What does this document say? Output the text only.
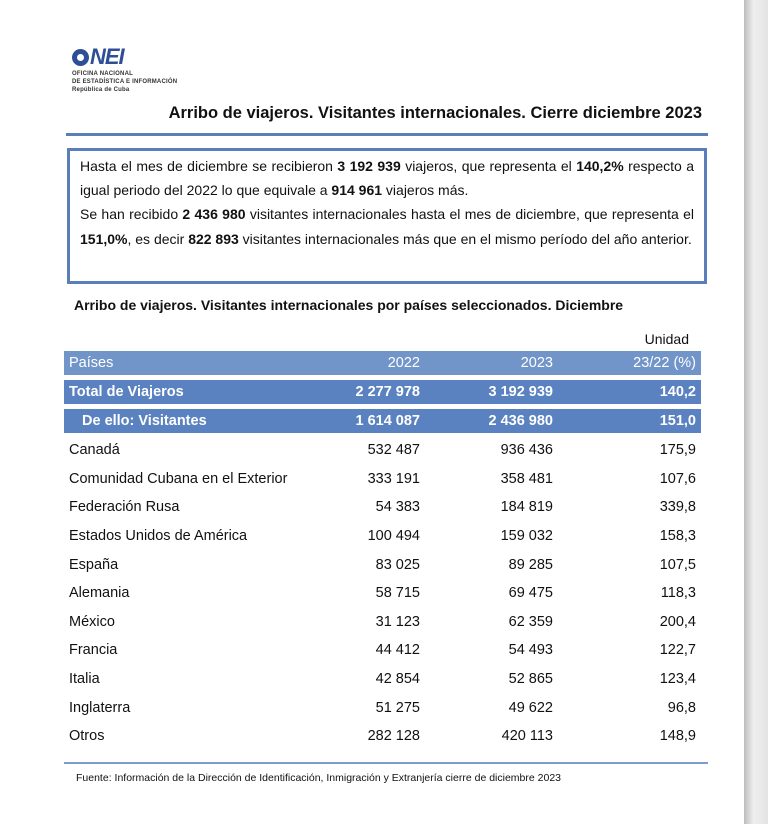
NEI
OFICINA NACIONAL
DE ESTADÍSTICA E INFORMACIÓN
República de Cuba
Arribo de viajeros. Visitantes internacionales. Cierre diciembre 2023

Hasta el mes de diciembre se recibieron 3 192 939 viajeros, que representa el 140,2% respecto a igual periodo del 2022 lo que equivale a 914 961 viajeros más.

Se han recibido 2 436 980 visitantes internacionales hasta el mes de diciembre, que representa el 151,0%, es decir 822 893 visitantes internacionales más que en el mismo período del año anterior.

Arribo de viajeros. Visitantes internacionales por países seleccionados. Diciembre
Unidad
Países	2022	2023	23/22 (%)
Total de Viajeros	2 277 978	3 192 939	140,2
De ello: Visitantes	1 614 087	2 436 980	151,0
Canadá	532 487	936 436	175,9
Comunidad Cubana en el Exterior	333 191	358 481	107,6
Federación Rusa	54 383	184 819	339,8
Estados Unidos de América	100 494	159 032	158,3
España	83 025	89 285	107,5
Alemania	58 715	69 475	118,3
México	31 123	62 359	200,4
Francia	44 412	54 493	122,7
Italia	42 854	52 865	123,4
Inglaterra	51 275	49 622	96,8
Otros	282 128	420 113	148,9
Fuente: Información de la Dirección de Identificación, Inmigración y Extranjería cierre de diciembre 2023
